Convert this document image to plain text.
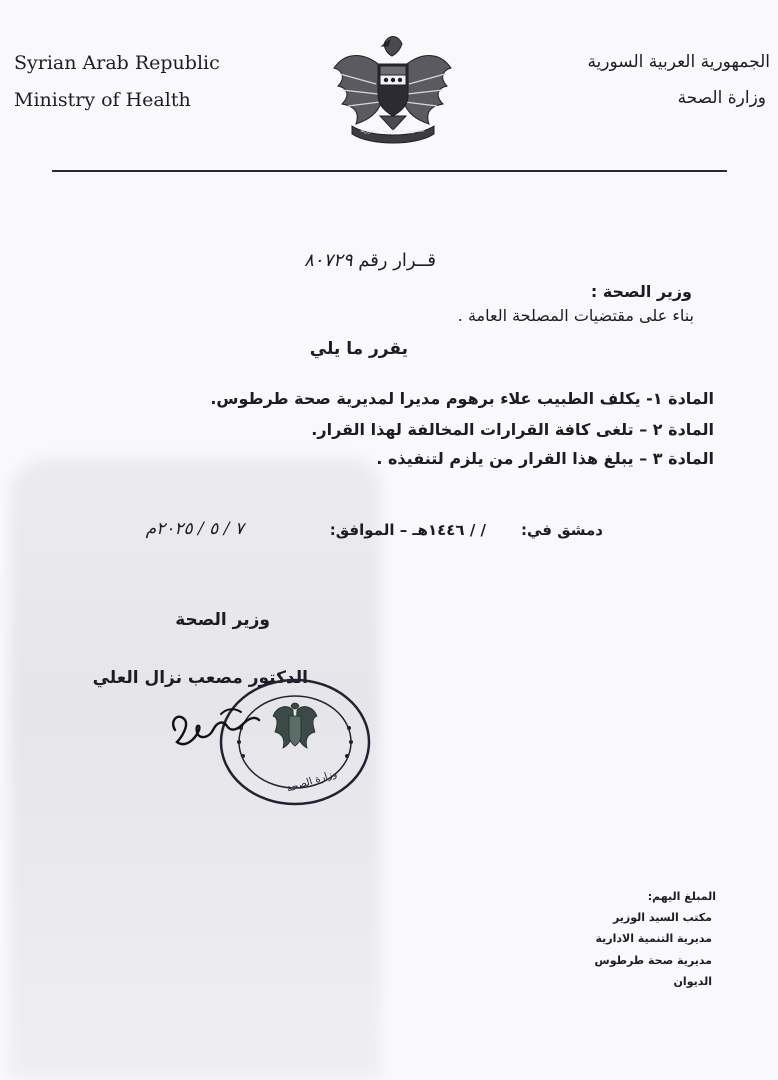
Syrian Arab Republic
Ministry of Health
الجمهورية العربية السورية
وزارة الصحة
الجمهورية العربية السورية
قــرار رقم ٨٠٧٢٩
وزير الصحة :
بناء على مقتضيات المصلحة العامة .
يقرر ما يلي
المادة ١- يكلف الطبيب علاء برهوم مديرا لمديرية صحة طرطوس.
المادة ٢ – تلغى كافة القرارات المخالفة لهذا القرار.
المادة ٣ – يبلغ هذا القرار من يلزم لتنفيذه .
دمشق في:
/ / ١٤٤٦هـ – الموافق:
٧ / ٥ / ٢٠٢٥م
وزير الصحة
الدكتور مصعب نزال العلي
وزارة الصحة
المبلغ اليهم:
مكتب السيد الوزير
مديرية التنمية الادارية
مديرية صحة طرطوس
الديوان
